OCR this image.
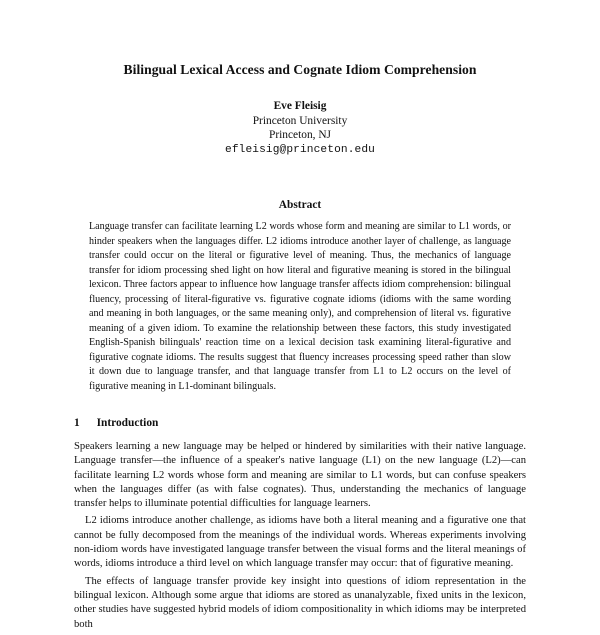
Bilingual Lexical Access and Cognate Idiom Comprehension
Eve Fleisig
Princeton University
Princeton, NJ
efleisig@princeton.edu
Abstract

Language transfer can facilitate learning L2 words whose form and meaning are similar to L1 words, or hinder speakers when the languages differ. L2 idioms introduce another layer of challenge, as language transfer could occur on the literal or figurative level of meaning. Thus, the mechanics of language transfer for idiom processing shed light on how literal and figurative meaning is stored in the bilingual lexicon. Three factors appear to influence how language transfer affects idiom comprehension: bilingual fluency, processing of literal-figurative vs. figurative cognate idioms (idioms with the same wording and meaning in both languages, or the same meaning only), and comprehension of literal vs. figurative meaning of a given idiom. To examine the relationship between these factors, this study investigated English-Spanish bilinguals' reaction time on a lexical decision task examining literal-figurative and figurative cognate idioms. The results suggest that fluency increases processing speed rather than slow it down due to language transfer, and that language transfer from L1 to L2 occurs on the level of figurative meaning in L1-dominant bilinguals.

1 Introduction

Speakers learning a new language may be helped or hindered by similarities with their native language. Language transfer—the influence of a speaker's native language (L1) on the new language (L2)—can facilitate learning L2 words whose form and meaning are similar to L1 words, but can confuse speakers when the languages differ (as with false cognates). Thus, understanding the mechanics of language transfer helps to illuminate potential difficulties for language learners.

L2 idioms introduce another challenge, as idioms have both a literal meaning and a figurative one that cannot be fully decomposed from the meanings of the individual words. Whereas experiments involving non-idiom words have investigated language transfer between the visual forms and the literal meanings of words, idioms introduce a third level on which language transfer may occur: that of figurative meaning.

The effects of language transfer provide key insight into questions of idiom representation in the bilingual lexicon. Although some argue that idioms are stored as unanalyzable, fixed units in the lexicon, other studies have suggested hybrid models of idiom compositionality in which idioms may be interpreted both
